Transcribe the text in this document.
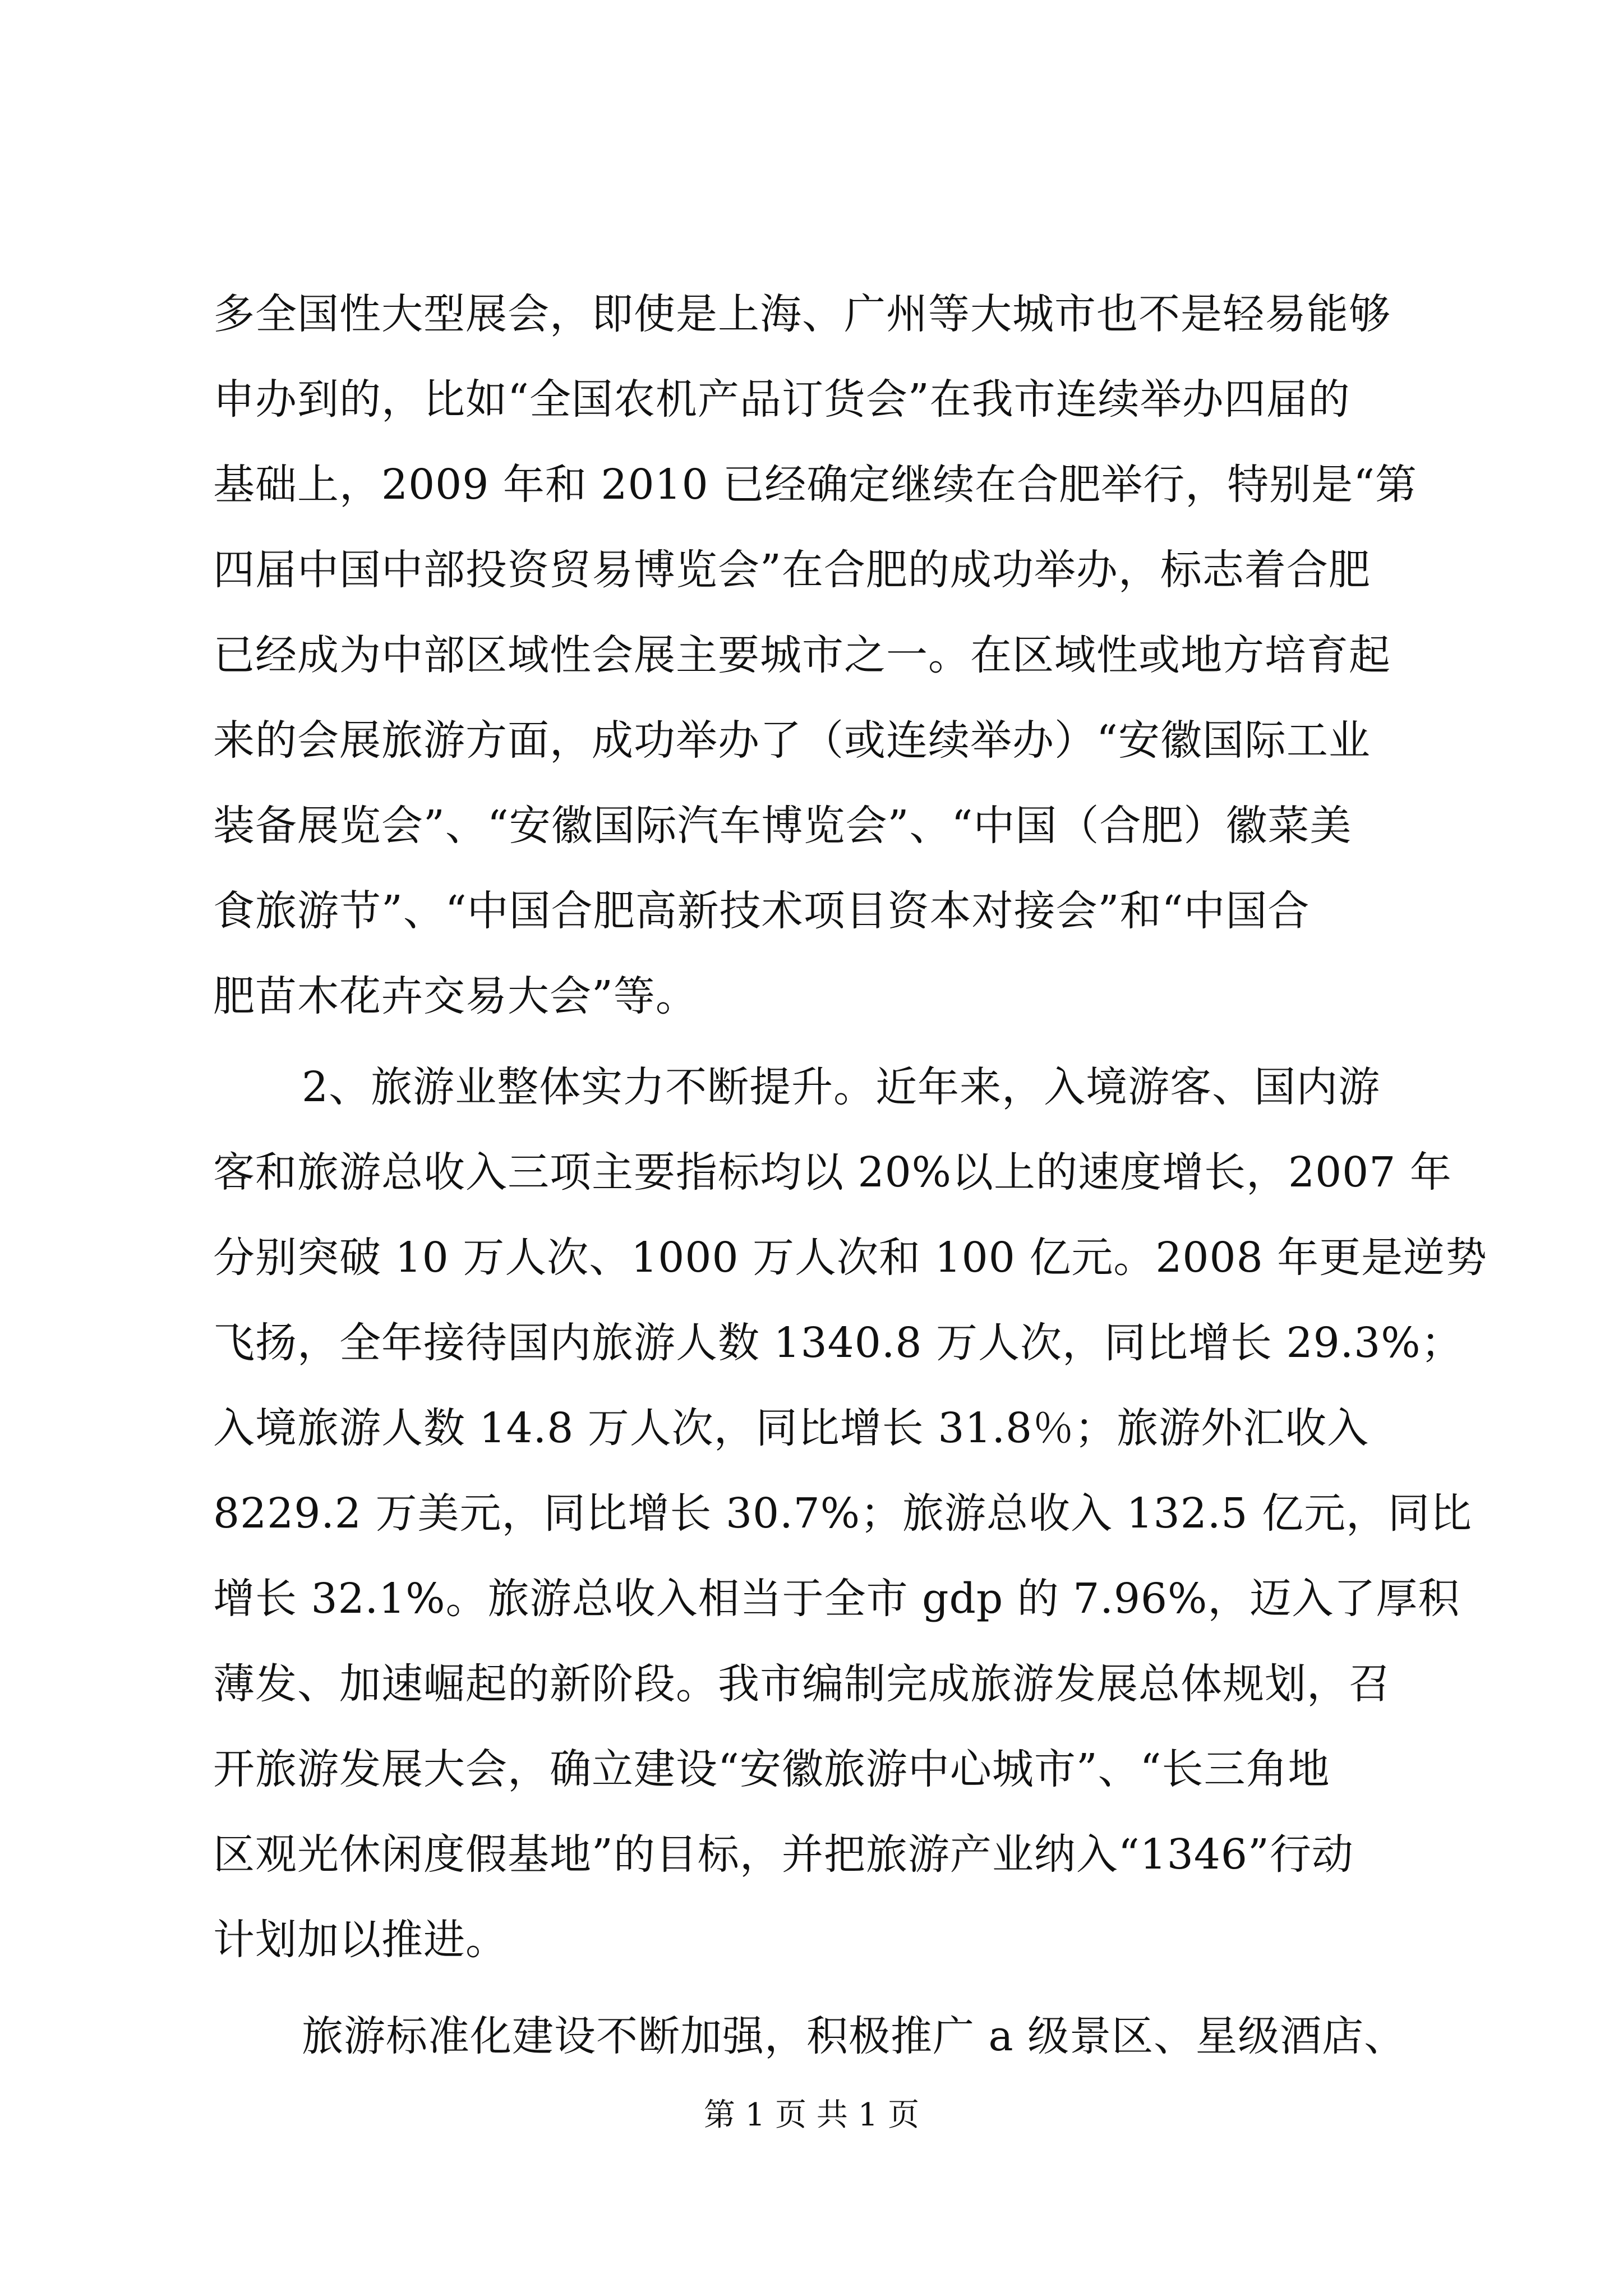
多全国性大型展会，即使是上海、广州等大城市也不是轻易能够
申办到的，比如“全国农机产品订货会”在我市连续举办四届的
基础上，2009 年和 2010 已经确定继续在合肥举行，特别是“第
四届中国中部投资贸易博览会”在合肥的成功举办，标志着合肥
已经成为中部区域性会展主要城市之一。在区域性或地方培育起
来的会展旅游方面，成功举办了（或连续举办）“安徽国际工业
装备展览会”、“安徽国际汽车博览会”、“中国（合肥）徽菜美
食旅游节”、“中国合肥高新技术项目资本对接会”和“中国合
肥苗木花卉交易大会”等。
2、旅游业整体实力不断提升。近年来，入境游客、国内游
客和旅游总收入三项主要指标均以 20%以上的速度增长，2007 年
分别突破 10 万人次、1000 万人次和 100 亿元。2008 年更是逆势
飞扬，全年接待国内旅游人数 1340.8 万人次，同比增长 29.3%；
入境旅游人数 14.8 万人次，同比增长 31.8％；旅游外汇收入
8229.2 万美元，同比增长 30.7%；旅游总收入 132.5 亿元，同比
增长 32.1%。旅游总收入相当于全市 gdp 的 7.96%，迈入了厚积
薄发、加速崛起的新阶段。我市编制完成旅游发展总体规划，召
开旅游发展大会，确立建设“安徽旅游中心城市”、“长三角地
区观光休闲度假基地”的目标，并把旅游产业纳入“1346”行动
计划加以推进。
旅游标准化建设不断加强，积极推广 a 级景区、星级酒店、
第 1 页 共 1 页
